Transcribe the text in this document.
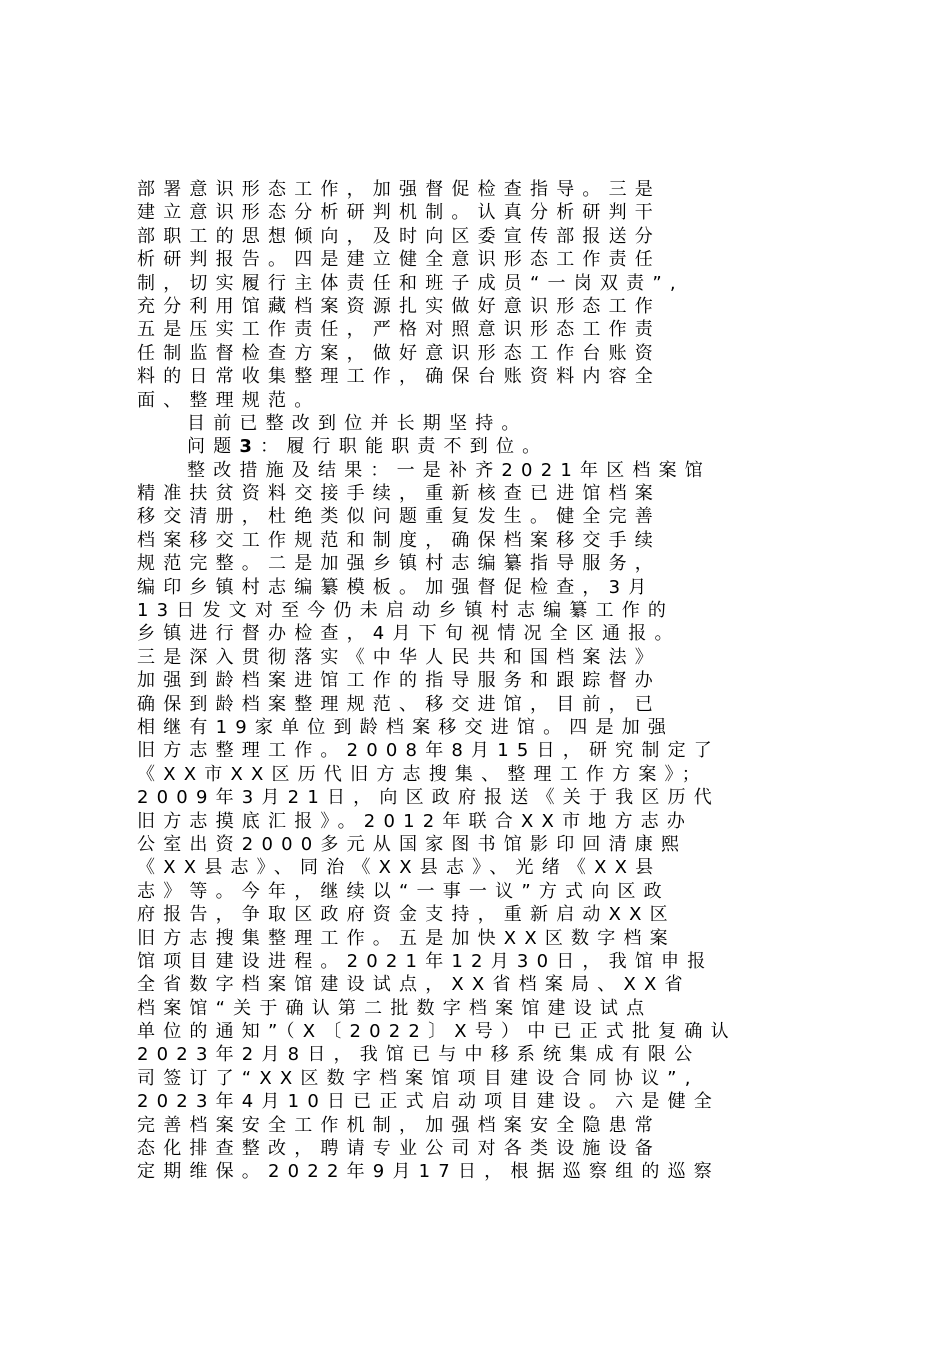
部署意识形态工作，加强督促检查指导。三是
建立意识形态分析研判机制。认真分析研判干
部职工的思想倾向，及时向区委宣传部报送分
析研判报告。四是建立健全意识形态工作责任
制，切实履行主体责任和班子成员“一岗双责”,
充分利用馆藏档案资源扎实做好意识形态工作
五是压实工作责任，严格对照意识形态工作责
任制监督检查方案，做好意识形态工作台账资
料的日常收集整理工作，确保台账资料内容全
面、整理规范。
目前已整改到位并长期坚持。
问题3：履行职能职责不到位。
整改措施及结果：一是补齐2021年区档案馆
精准扶贫资料交接手续，重新核查已进馆档案
移交清册，杜绝类似问题重复发生。健全完善
档案移交工作规范和制度，确保档案移交手续
规范完整。二是加强乡镇村志编纂指导服务，
编印乡镇村志编纂模板。加强督促检查，3月
13日发文对至今仍未启动乡镇村志编纂工作的
乡镇进行督办检查，4月下旬视情况全区通报。
三是深入贯彻落实《中华人民共和国档案法》
加强到龄档案进馆工作的指导服务和跟踪督办
确保到龄档案整理规范、移交进馆，目前，已
相继有19家单位到龄档案移交进馆。四是加强
旧方志整理工作。2008年8月15日，研究制定了
《XX市XX区历代旧方志搜集、整理工作方案》；
2009年3月21日，向区政府报送《关于我区历代
旧方志摸底汇报》。2012年联合XX市地方志办
公室出资2000多元从国家图书馆影印回清康熙
《XX县志》、同治《XX县志》、光绪《XX县
志》等。今年，继续以“一事一议”方式向区政
府报告，争取区政府资金支持，重新启动XX区
旧方志搜集整理工作。五是加快XX区数字档案
馆项目建设进程。2021年12月30日，我馆申报
全省数字档案馆建设试点，XX省档案局、XX省
档案馆“关于确认第二批数字档案馆建设试点
单位的通知”（X〔2022〕X号）中已正式批复确认
2023年2月8日，我馆已与中移系统集成有限公
司签订了“XX区数字档案馆项目建设合同协议”,
2023年4月10日已正式启动项目建设。六是健全
完善档案安全工作机制，加强档案安全隐患常
态化排查整改，聘请专业公司对各类设施设备
定期维保。2022年9月17日，根据巡察组的巡察
